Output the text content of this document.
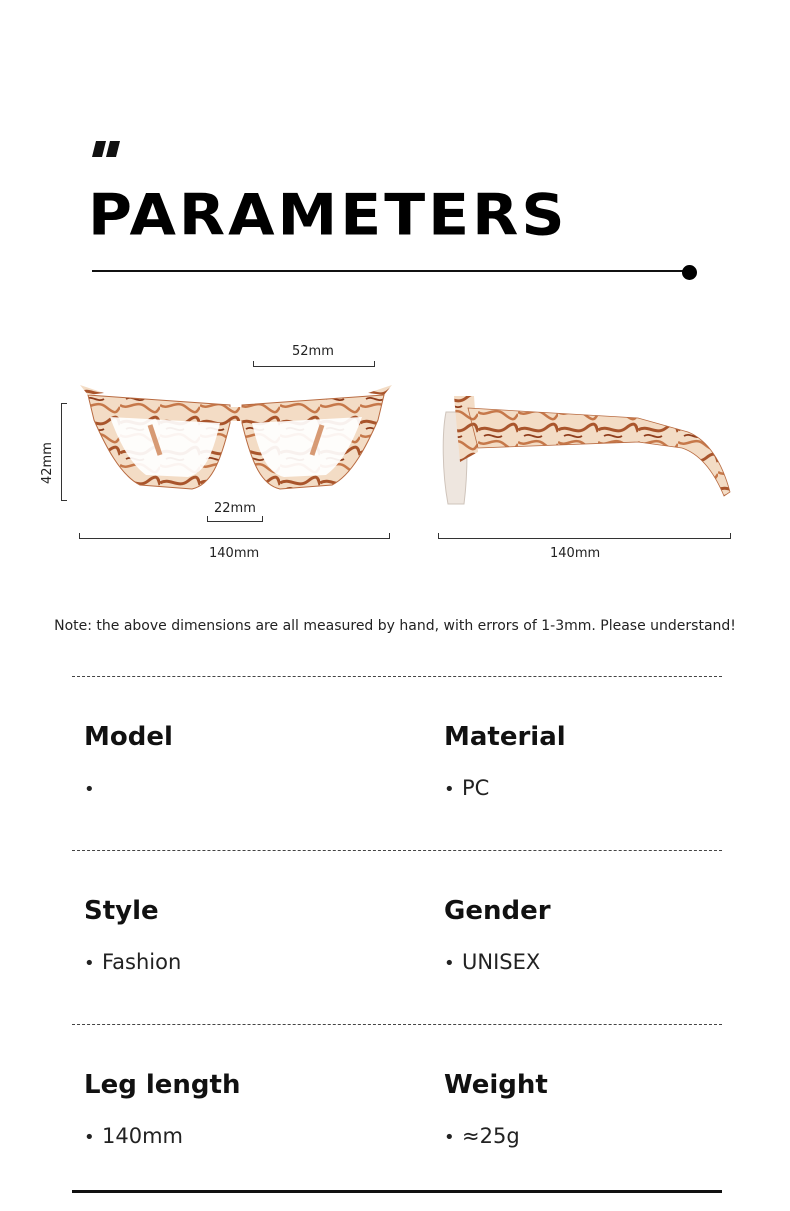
PARAMETERS
52mm
42mm
22mm
140mm	140mm
Note: the above dimensions are all measured by hand, with errors of 1-3mm. Please understand!
Model
•
Material
• PC
Style
• Fashion
Gender
• UNISEX
Leg length
• 140mm
Weight
• ≈25g
